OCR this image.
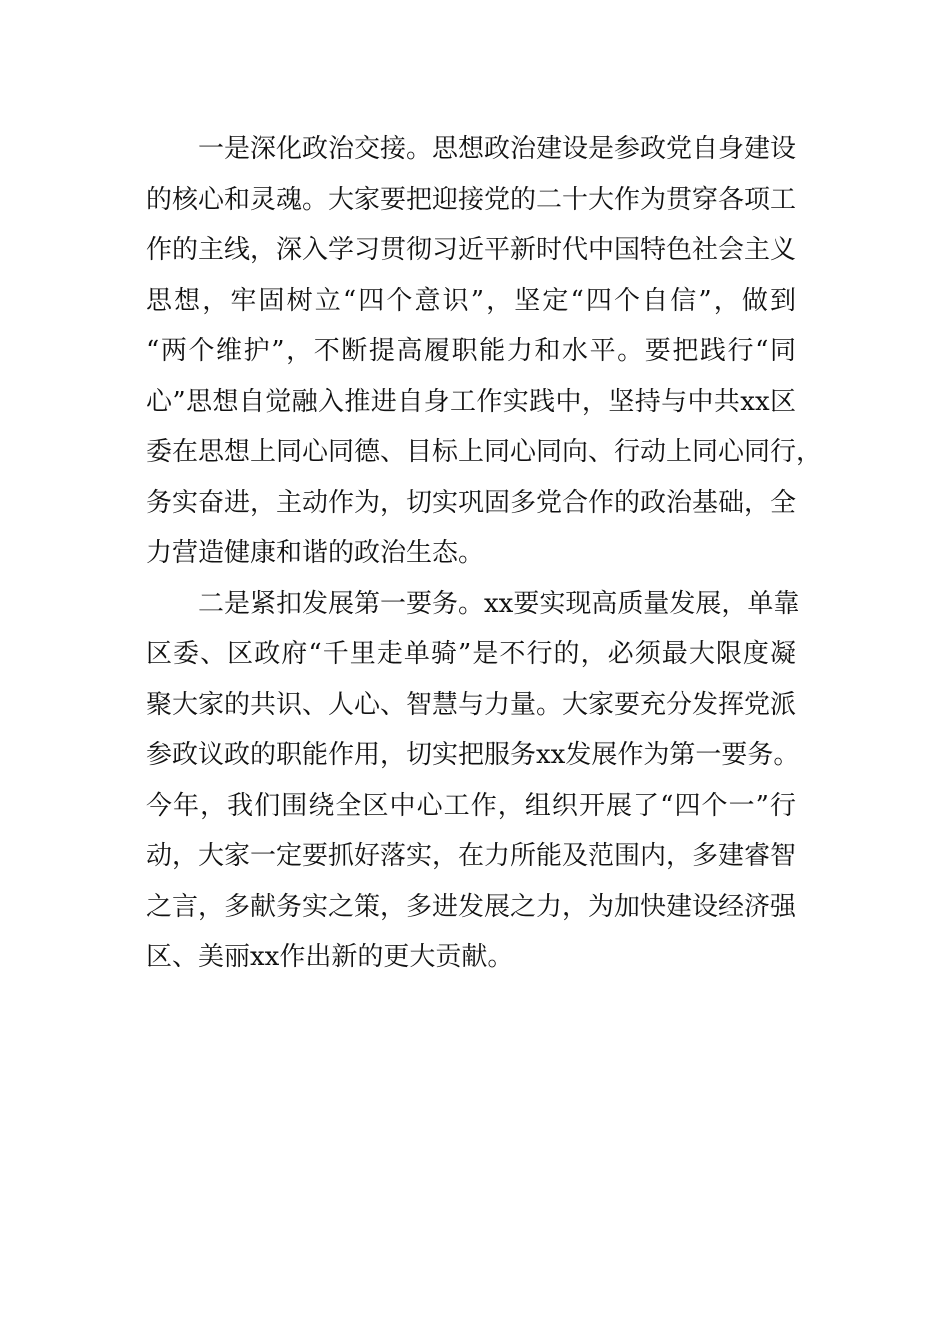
一是深化政治交接。思想政治建设是参政党自身建设
的核心和灵魂。大家要把迎接党的二十大作为贯穿各项工
作的主线，深入学习贯彻习近平新时代中国特色社会主义
思想，牢固树立“四个意识”，坚定“四个自信”，做到
“两个维护”，不断提高履职能力和水平。要把践行“同
心”思想自觉融入推进自身工作实践中，坚持与中共xx区
委在思想上同心同德、目标上同心同向、行动上同心同行，
务实奋进，主动作为，切实巩固多党合作的政治基础，全
力营造健康和谐的政治生态。
二是紧扣发展第一要务。xx要实现高质量发展，单靠
区委、区政府“千里走单骑”是不行的，必须最大限度凝
聚大家的共识、人心、智慧与力量。大家要充分发挥党派
参政议政的职能作用，切实把服务xx发展作为第一要务。
今年，我们围绕全区中心工作，组织开展了“四个一”行
动，大家一定要抓好落实，在力所能及范围内，多建睿智
之言，多献务实之策，多进发展之力，为加快建设经济强
区、美丽xx作出新的更大贡献。
